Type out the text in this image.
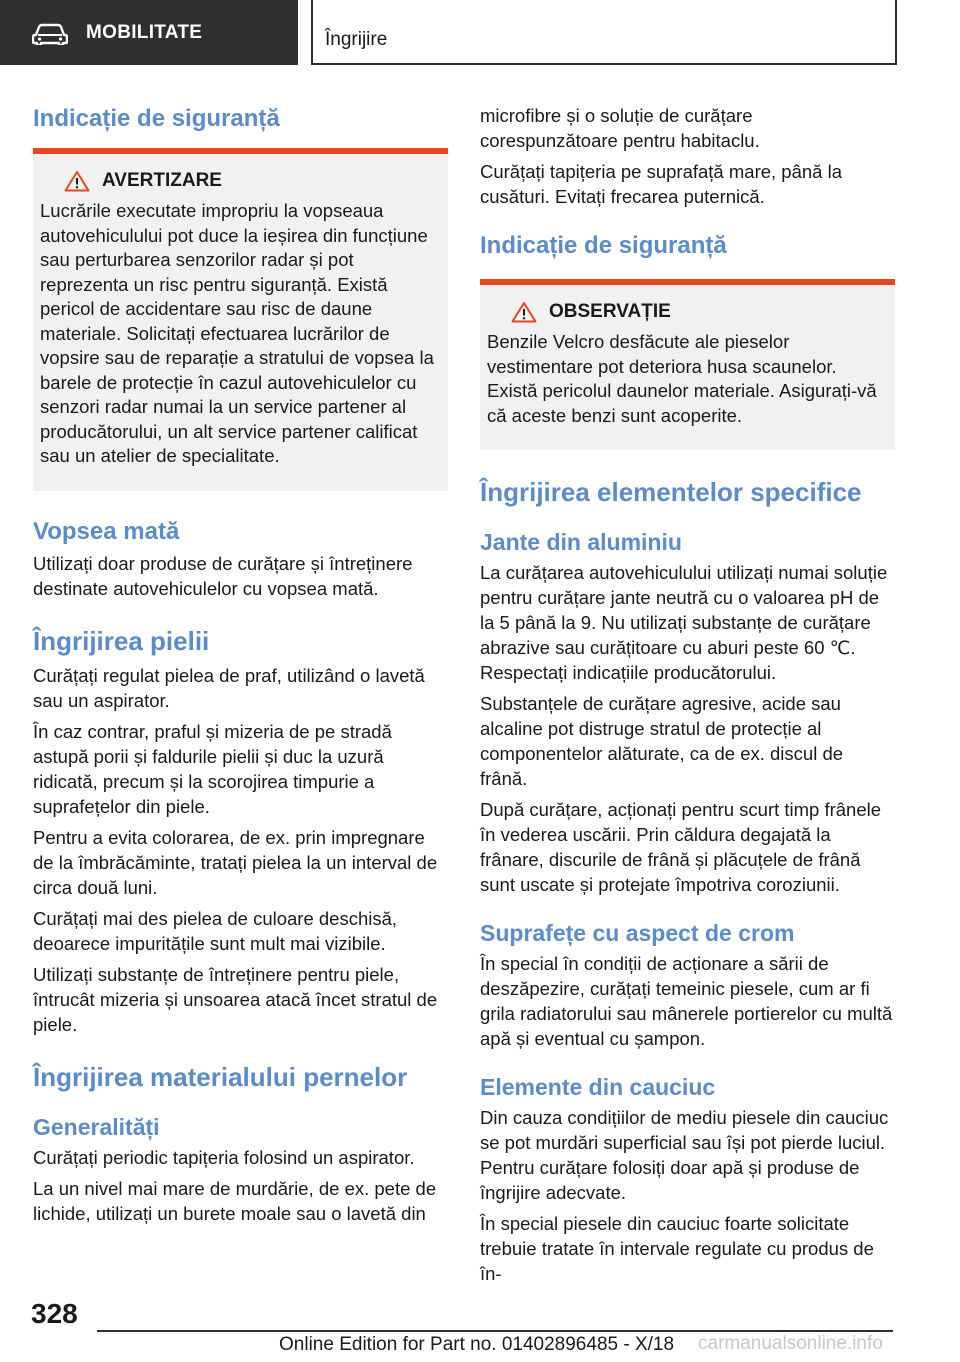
MOBILITATE	Îngrijire
Indicație de siguranță
AVERTIZARE

Lucrările executate impropriu la vopseaua autovehiculului pot duce la ieșirea din funcțiune sau perturbarea senzorilor radar și pot reprezenta un risc pentru siguranță. Există pericol de accidentare sau risc de daune materiale. Solicitați efectuarea lucrărilor de vopsire sau de reparație a stratului de vopsea la barele de protecție în cazul autovehiculelor cu senzori radar numai la un service partener al producătorului, un alt service partener calificat sau un atelier de specialitate.

Vopsea mată

Utilizați doar produse de curățare și întreținere destinate autovehiculelor cu vopsea mată.

Îngrijirea pielii

Curățați regulat pielea de praf, utilizând o lavetă sau un aspirator.

În caz contrar, praful și mizeria de pe stradă astupă porii și faldurile pielii și duc la uzură ridicată, precum și la scorojirea timpurie a suprafețelor din piele.

Pentru a evita colorarea, de ex. prin impregnare de la îmbrăcăminte, tratați pielea la un interval de circa două luni.

Curățați mai des pielea de culoare deschisă, deoarece impuritățile sunt mult mai vizibile.

Utilizați substanțe de întreținere pentru piele, întrucât mizeria și unsoarea atacă încet stratul de piele.

Îngrijirea materialului pernelor
Generalități

Curățați periodic tapițeria folosind un aspirator.

La un nivel mai mare de murdărie, de ex. pete de lichide, utilizați un burete moale sau o lavetă din

microfibre și o soluție de curățare corespunzătoare pentru habitaclu.

Curățați tapițeria pe suprafață mare, până la cusături. Evitați frecarea puternică.

Indicație de siguranță
OBSERVAȚIE

Benzile Velcro desfăcute ale pieselor vestimentare pot deteriora husa scaunelor. Există pericolul daunelor materiale. Asigurați-vă că aceste benzi sunt acoperite.

Îngrijirea elementelor specifice
Jante din aluminiu

La curățarea autovehiculului utilizați numai soluție pentru curățare jante neutră cu o valoarea pH de la 5 până la 9. Nu utilizați substanțe de curățare abrazive sau curățitoare cu aburi peste 60 ℃. Respectați indicațiile producătorului.

Substanțele de curățare agresive, acide sau alcaline pot distruge stratul de protecție al componentelor alăturate, ca de ex. discul de frână.

După curățare, acționați pentru scurt timp frânele în vederea uscării. Prin căldura degajată la frânare, discurile de frână și plăcuțele de frână sunt uscate și protejate împotriva coroziunii.

Suprafețe cu aspect de crom

În special în condiții de acționare a sării de deszăpezire, curățați temeinic piesele, cum ar fi grila radiatorului sau mânerele portierelor cu multă apă și eventual cu șampon.

Elemente din cauciuc

Din cauza condițiilor de mediu piesele din cauciuc se pot murdări superficial sau își pot pierde luciul. Pentru curățare folosiți doar apă și produse de îngrijire adecvate.

În special piesele din cauciuc foarte solicitate trebuie tratate în intervale regulate cu produs de în-

328
Online Edition for Part no. 01402896485 - X/18 carmanualsonline.info
